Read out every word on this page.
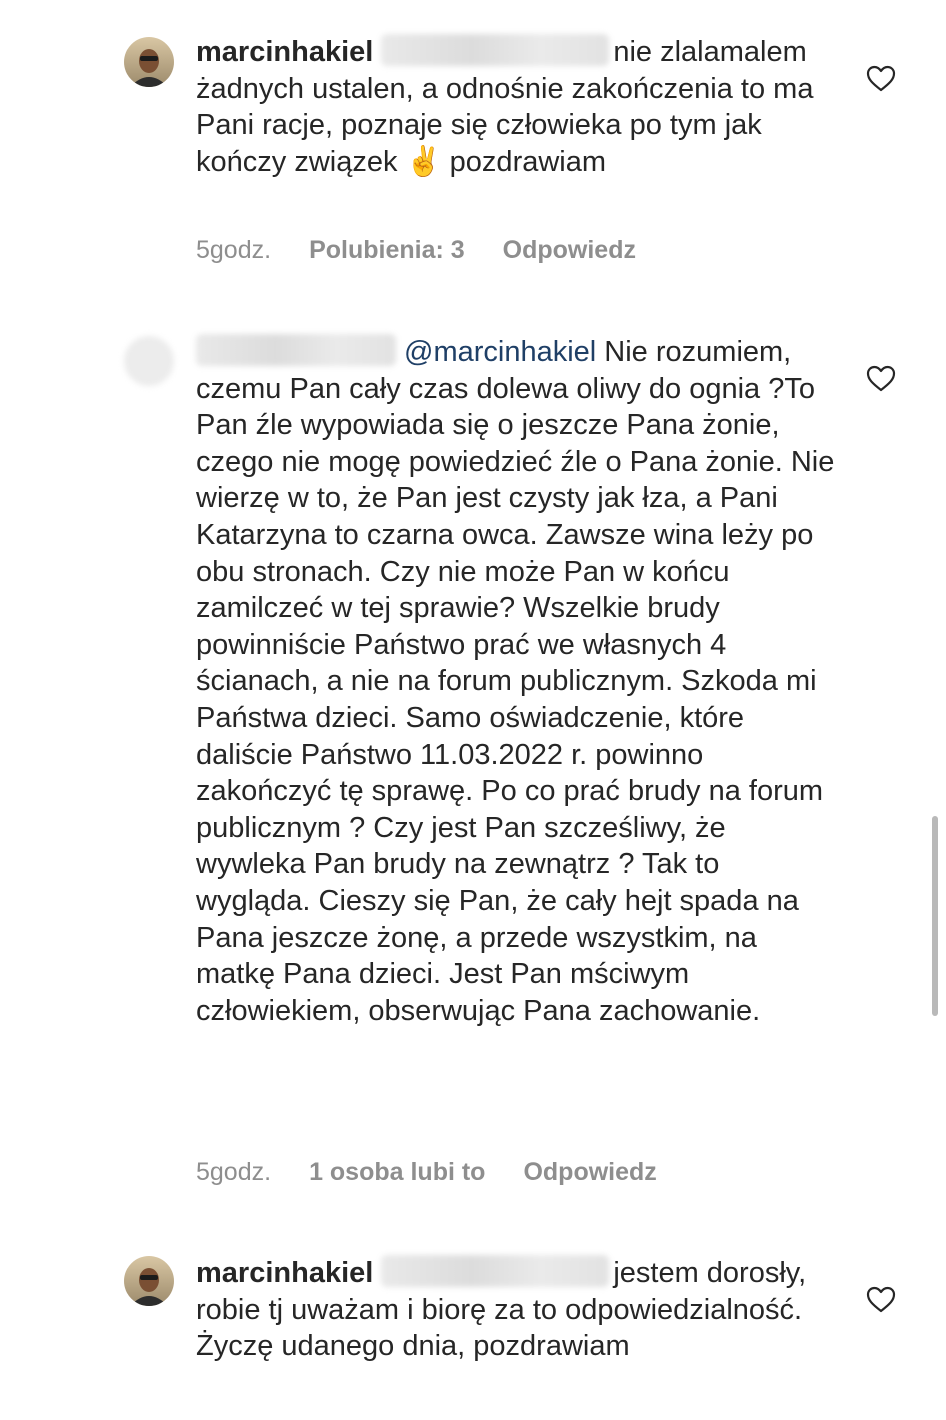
marcinhakiel	nie zlalamalem żadnych ustalen, a odnośnie zakończenia to ma Pani racje, poznaje się człowieka po tym jak kończy związek ✌️ pozdrawiam
5godz. Polubienia: 3 Odpowiedz
@marcinhakiel Nie rozumiem, czemu Pan cały czas dolewa oliwy do ognia ?To Pan źle wypowiada się o jeszcze Pana żonie, czego nie mogę powiedzieć źle o Pana żonie. Nie wierzę w to, że Pan jest czysty jak łza, a Pani Katarzyna to czarna owca. Zawsze wina leży po obu stronach. Czy nie może Pan w końcu zamilczeć w tej sprawie? Wszelkie brudy powinniście Państwo prać we własnych 4 ścianach, a nie na forum publicznym. Szkoda mi Państwa dzieci. Samo oświadczenie, które daliście Państwo 11.03.2022 r. powinno zakończyć tę sprawę. Po co prać brudy na forum publicznym ? Czy jest Pan szcześliwy, że wywleka Pan brudy na zewnątrz ? Tak to wygląda. Cieszy się Pan, że cały hejt spada na Pana jeszcze żonę, a przede wszystkim, na matkę Pana dzieci. Jest Pan mściwym człowiekiem, obserwując Pana zachowanie.
5godz. 1 osoba lubi to Odpowiedz
marcinhakiel	jestem dorosły, robie tj uważam i biorę za to odpowiedzialność. Życzę udanego dnia, pozdrawiam
